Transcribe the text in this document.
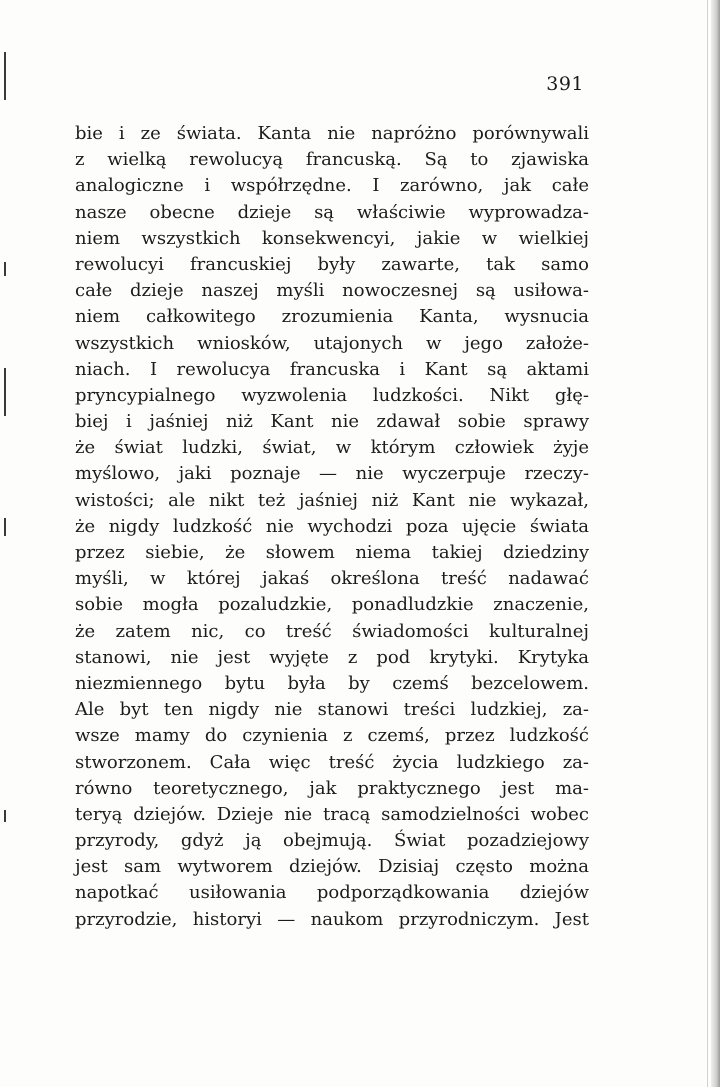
391
bie i ze świata. Kanta nie napróżno porównywali
z wielką rewolucyą francuską. Są to zjawiska
analogiczne i współrzędne. I zarówno, jak całe
nasze obecne dzieje są właściwie wyprowadza-
niem wszystkich konsekwencyi, jakie w wielkiej
rewolucyi francuskiej były zawarte, tak samo
całe dzieje naszej myśli nowoczesnej są usiłowa-
niem całkowitego zrozumienia Kanta, wysnucia
wszystkich wniosków, utajonych w jego założe-
niach. I rewolucya francuska i Kant są aktami
pryncypialnego wyzwolenia ludzkości. Nikt głę-
biej i jaśniej niż Kant nie zdawał sobie sprawy
że świat ludzki, świat, w którym człowiek żyje
myślowo, jaki poznaje — nie wyczerpuje rzeczy-
wistości; ale nikt też jaśniej niż Kant nie wykazał,
że nigdy ludzkość nie wychodzi poza ujęcie świata
przez siebie, że słowem niema takiej dziedziny
myśli, w której jakaś określona treść nadawać
sobie mogła pozaludzkie, ponadludzkie znaczenie,
że zatem nic, co treść świadomości kulturalnej
stanowi, nie jest wyjęte z pod krytyki. Krytyka
niezmiennego bytu była by czemś bezcelowem.
Ale byt ten nigdy nie stanowi treści ludzkiej, za-
wsze mamy do czynienia z czemś, przez ludzkość
stworzonem. Cała więc treść życia ludzkiego za-
równo teoretycznego, jak praktycznego jest ma-
teryą dziejów. Dzieje nie tracą samodzielności wobec
przyrody, gdyż ją obejmują. Świat pozadziejowy
jest sam wytworem dziejów. Dzisiaj często można
napotkać usiłowania podporządkowania dziejów
przyrodzie, historyi — naukom przyrodniczym. Jest
